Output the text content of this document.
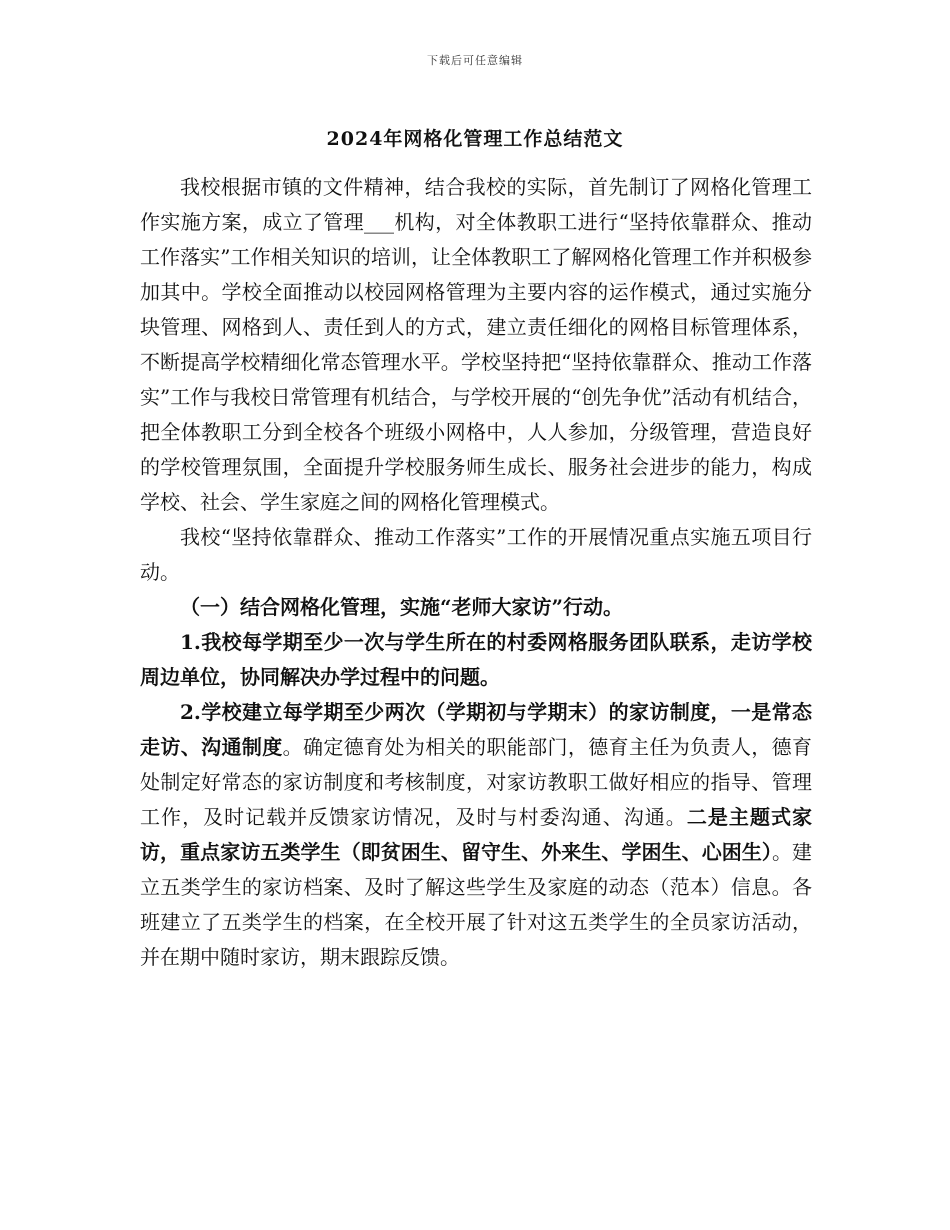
下载后可任意编辑
2024年网格化管理工作总结范文

我校根据市镇的文件精神，结合我校的实际，首先制订了网格化管理工作实施方案，成立了管理___机构，对全体教职工进行“坚持依靠群众、推动工作落实”工作相关知识的培训，让全体教职工了解网格化管理工作并积极参加其中。学校全面推动以校园网格管理为主要内容的运作模式，通过实施分块管理、网格到人、责任到人的方式，建立责任细化的网格目标管理体系，不断提高学校精细化常态管理水平。学校坚持把“坚持依靠群众、推动工作落实”工作与我校日常管理有机结合，与学校开展的“创先争优”活动有机结合，把全体教职工分到全校各个班级小网格中，人人参加，分级管理，营造良好的学校管理氛围，全面提升学校服务师生成长、服务社会进步的能力，构成学校、社会、学生家庭之间的网格化管理模式。

我校“坚持依靠群众、推动工作落实”工作的开展情况重点实施五项目行动。

（一）结合网格化管理，实施“老师大家访”行动。

1.我校每学期至少一次与学生所在的村委网格服务团队联系，走访学校周边单位，协同解决办学过程中的问题。

2.学校建立每学期至少两次（学期初与学期末）的家访制度，一是常态走访、沟通制度。确定德育处为相关的职能部门，德育主任为负责人，德育处制定好常态的家访制度和考核制度，对家访教职工做好相应的指导、管理工作，及时记载并反馈家访情况，及时与村委沟通、沟通。二是主题式家访，重点家访五类学生（即贫困生、留守生、外来生、学困生、心困生）。建立五类学生的家访档案、及时了解这些学生及家庭的动态（范本）信息。各班建立了五类学生的档案，在全校开展了针对这五类学生的全员家访活动，并在期中随时家访，期末跟踪反馈。
